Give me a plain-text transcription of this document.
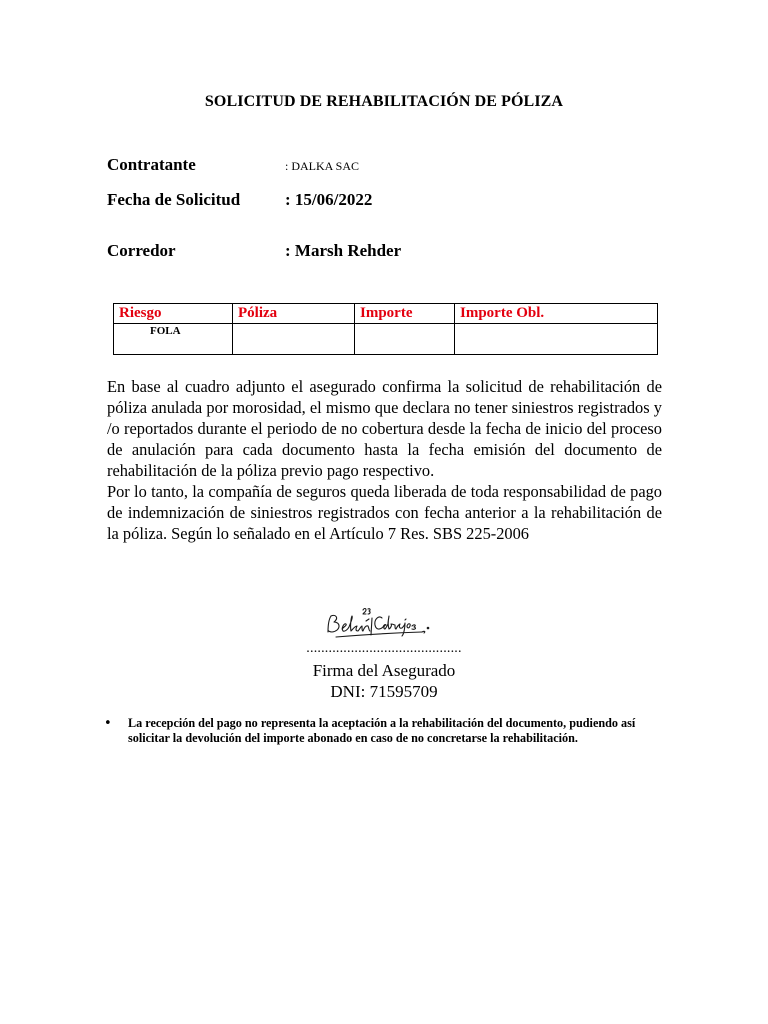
SOLICITUD DE REHABILITACIÓN DE PÓLIZA
Contratante	: DALKA SAC
Fecha de Solicitud	: 15/06/2022
Corredor	: Marsh Rehder
Riesgo	Póliza	Importe	Importe Obl.
FOLA			

En base al cuadro adjunto el asegurado confirma la solicitud de rehabilitación de póliza anulada por morosidad, el mismo que declara no tener siniestros registrados y /o reportados durante el periodo de no cobertura desde la fecha de inicio del proceso de anulación para cada documento hasta la fecha emisión del documento de rehabilitación de la póliza previo pago respectivo.

Por lo tanto, la compañía de seguros queda liberada de toda responsabilidad de pago de indemnización de siniestros registrados con fecha anterior a la rehabilitación de la póliza. Según lo señalado en el Artículo 7 Res. SBS 225-2006

..........................................
Firma del Asegurado
DNI: 71595709
• La recepción del pago no representa la aceptación a la rehabilitación del documento, pudiendo así solicitar la devolución del importe abonado en caso de no concretarse la rehabilitación.
